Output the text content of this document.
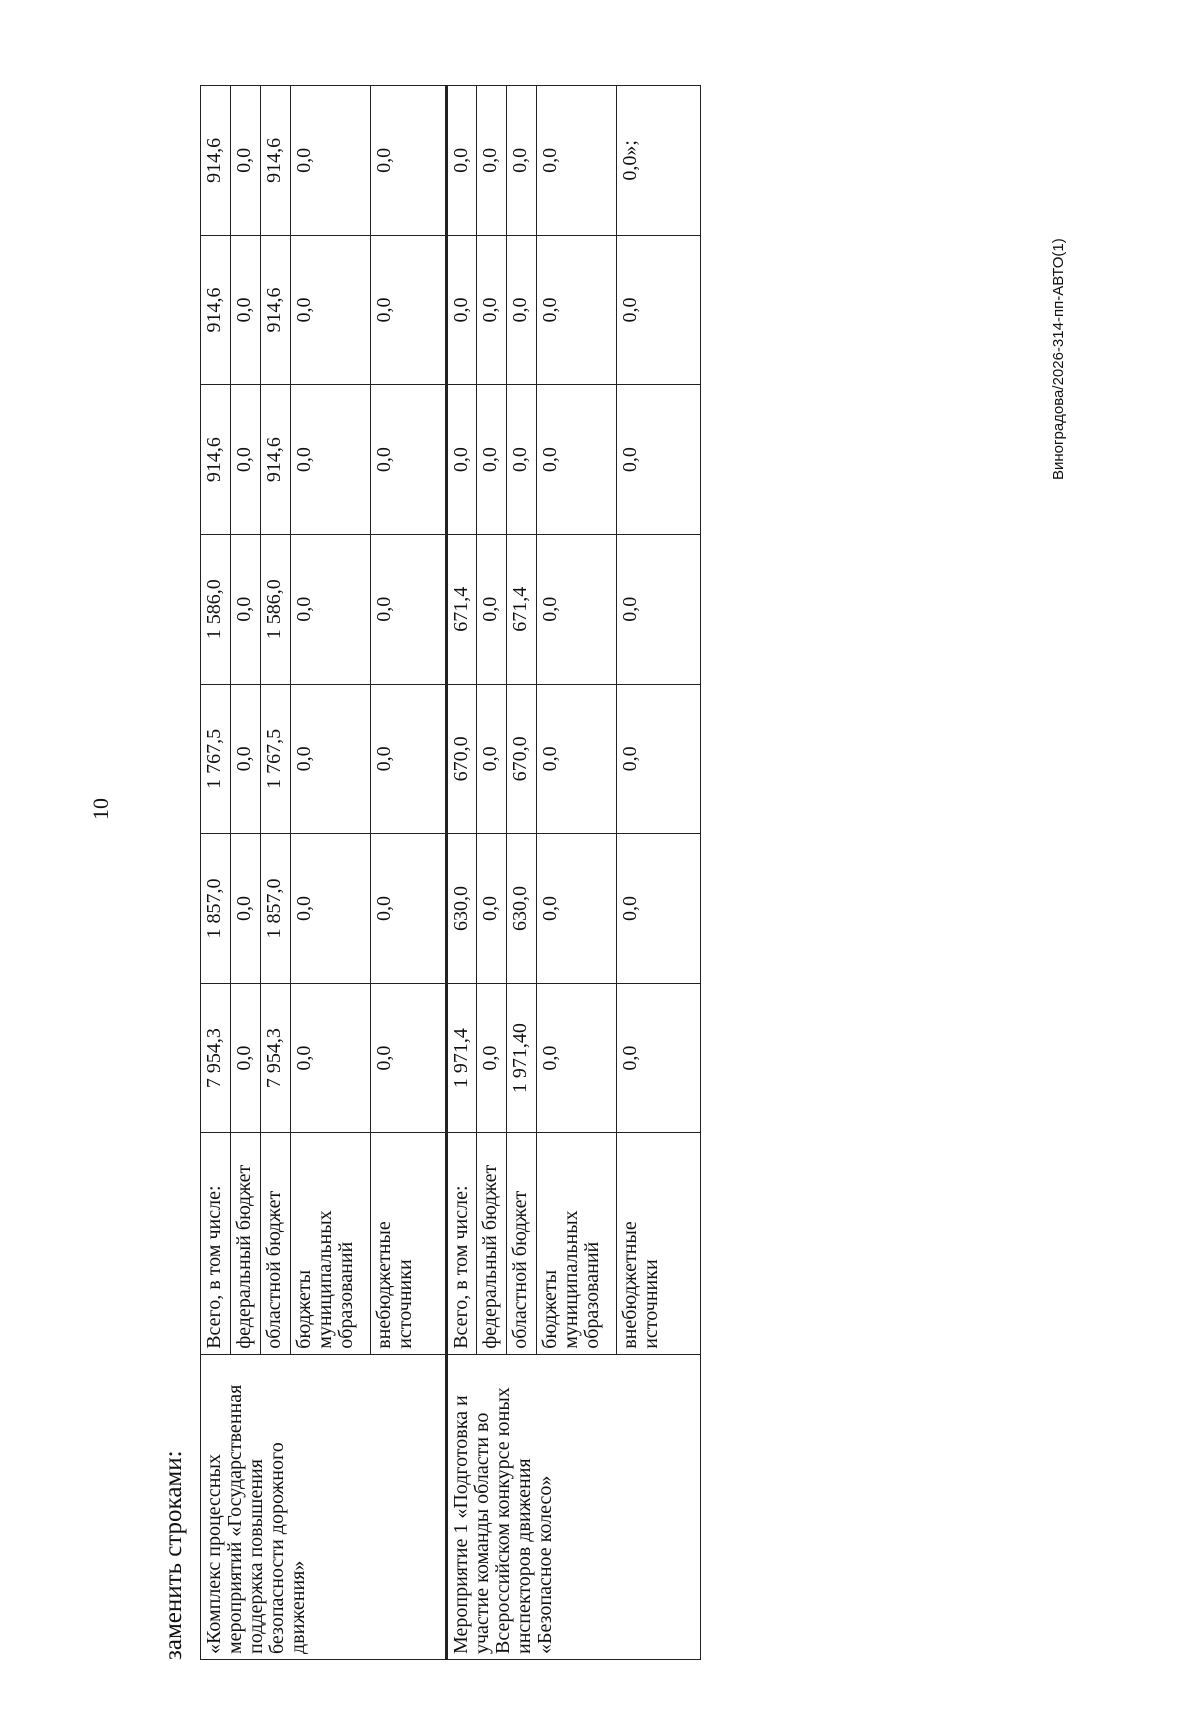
10
заменить строками: «Комплекс процессных мероприятий «Государственная поддержка повышения безопасности дорожного движения»	Всего, в том числе:	7 954,3	1 857,0	1 767,5	1 586,0	914,6	914,6	914,6
	федеральный бюджет	0,0	0,0	0,0	0,0	0,0	0,0	0,0
	областной бюджет	7 954,3	1 857,0	1 767,5	1 586,0	914,6	914,6	914,6
	бюджеты муниципальных образований	0,0	0,0	0,0	0,0	0,0	0,0	0,0
	внебюджетные источники	0,0	0,0	0,0	0,0	0,0	0,0	0,0
Мероприятие 1 «Подготовка и участие команды области во Всероссийском конкурсе юных инспекторов движения «Безопасное колесо»	Всего, в том числе:	1 971,4	630,0	670,0	671,4	0,0	0,0	0,0
	федеральный бюджет	0,0	0,0	0,0	0,0	0,0	0,0	0,0
	областной бюджет	1 971,40	630,0	670,0	671,4	0,0	0,0	0,0
	бюджеты муниципальных образований	0,0	0,0	0,0	0,0	0,0	0,0	0,0
	внебюджетные источники	0,0	0,0	0,0	0,0	0,0	0,0	0,0»;
Виноградова/2026-314-пп-АВТО(1)
